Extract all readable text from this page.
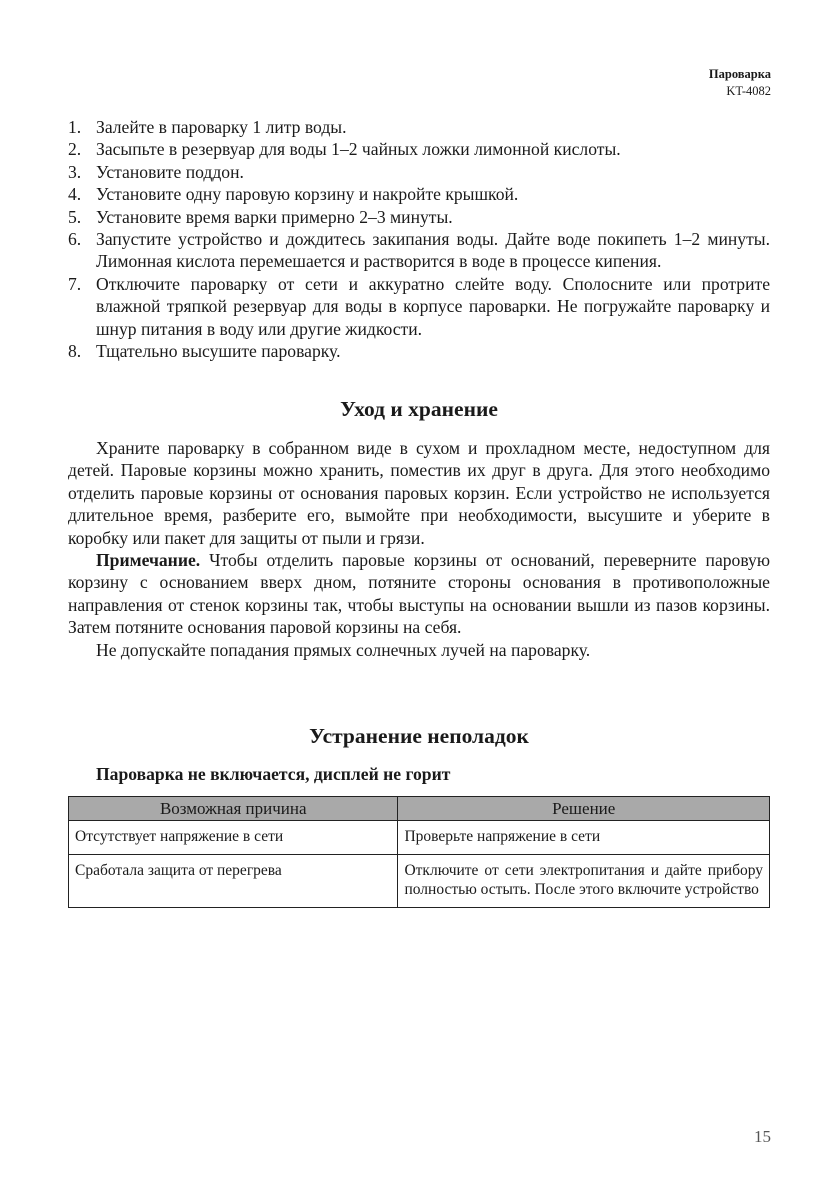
Пароварка
KT-4082
1. Залейте в пароварку 1 литр воды.
2. Засыпьте в резервуар для воды 1–2 чайных ложки лимонной кислоты.
3. Установите поддон.
4. Установите одну паровую корзину и накройте крышкой.
5. Установите время варки примерно 2–3 минуты.
6. Запустите устройство и дождитесь закипания воды. Дайте воде покипеть 1–2 минуты. Лимонная кислота перемешается и растворится в воде в процессе кипения.
7. Отключите пароварку от сети и аккуратно слейте воду. Сполосните или протрите влажной тряпкой резервуар для воды в корпусе пароварки. Не погружайте пароварку и шнур питания в воду или другие жидкости.
8. Тщательно высушите пароварку.
Уход и хранение

Храните пароварку в собранном виде в сухом и прохладном месте, недоступном для детей. Паровые корзины можно хранить, поместив их друг в друга. Для этого необходимо отделить паровые корзины от основания паровых корзин. Если устройство не используется длительное время, разберите его, вымойте при необходимости, высушите и уберите в коробку или пакет для защиты от пыли и грязи.

Примечание. Чтобы отделить паровые корзины от оснований, переверните паровую корзину с основанием вверх дном, потяните стороны основания в противоположные направления от стенок корзины так, чтобы выступы на основании вышли из пазов корзины. Затем потяните основания паровой корзины на себя.

Не допускайте попадания прямых солнечных лучей на пароварку.

Устранение неполадок
Пароварка не включается, дисплей не горит
Возможная причина	Решение
Отсутствует напряжение в сети	Проверьте напряжение в сети
Сработала защита от перегрева	Отключите от сети электропитания и дайте прибору полностью остыть. После этого включите устройство
15
